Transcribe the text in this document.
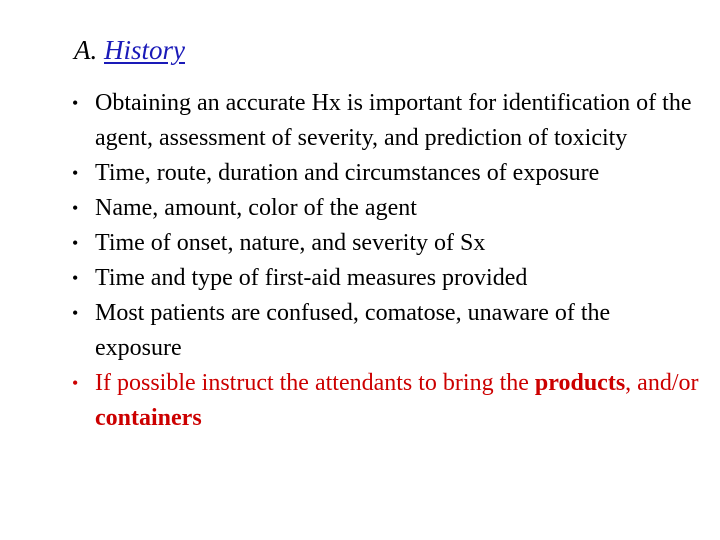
A. History
• Obtaining an accurate Hx is important for identification of the agent, assessment of severity, and prediction of toxicity
• Time, route, duration and circumstances of exposure
• Name, amount, color of the agent
• Time of onset, nature, and severity of Sx
• Time and type of first-aid measures provided
• Most patients are confused, comatose, unaware of the exposure
• If possible instruct the attendants to bring the products, and/or containers
